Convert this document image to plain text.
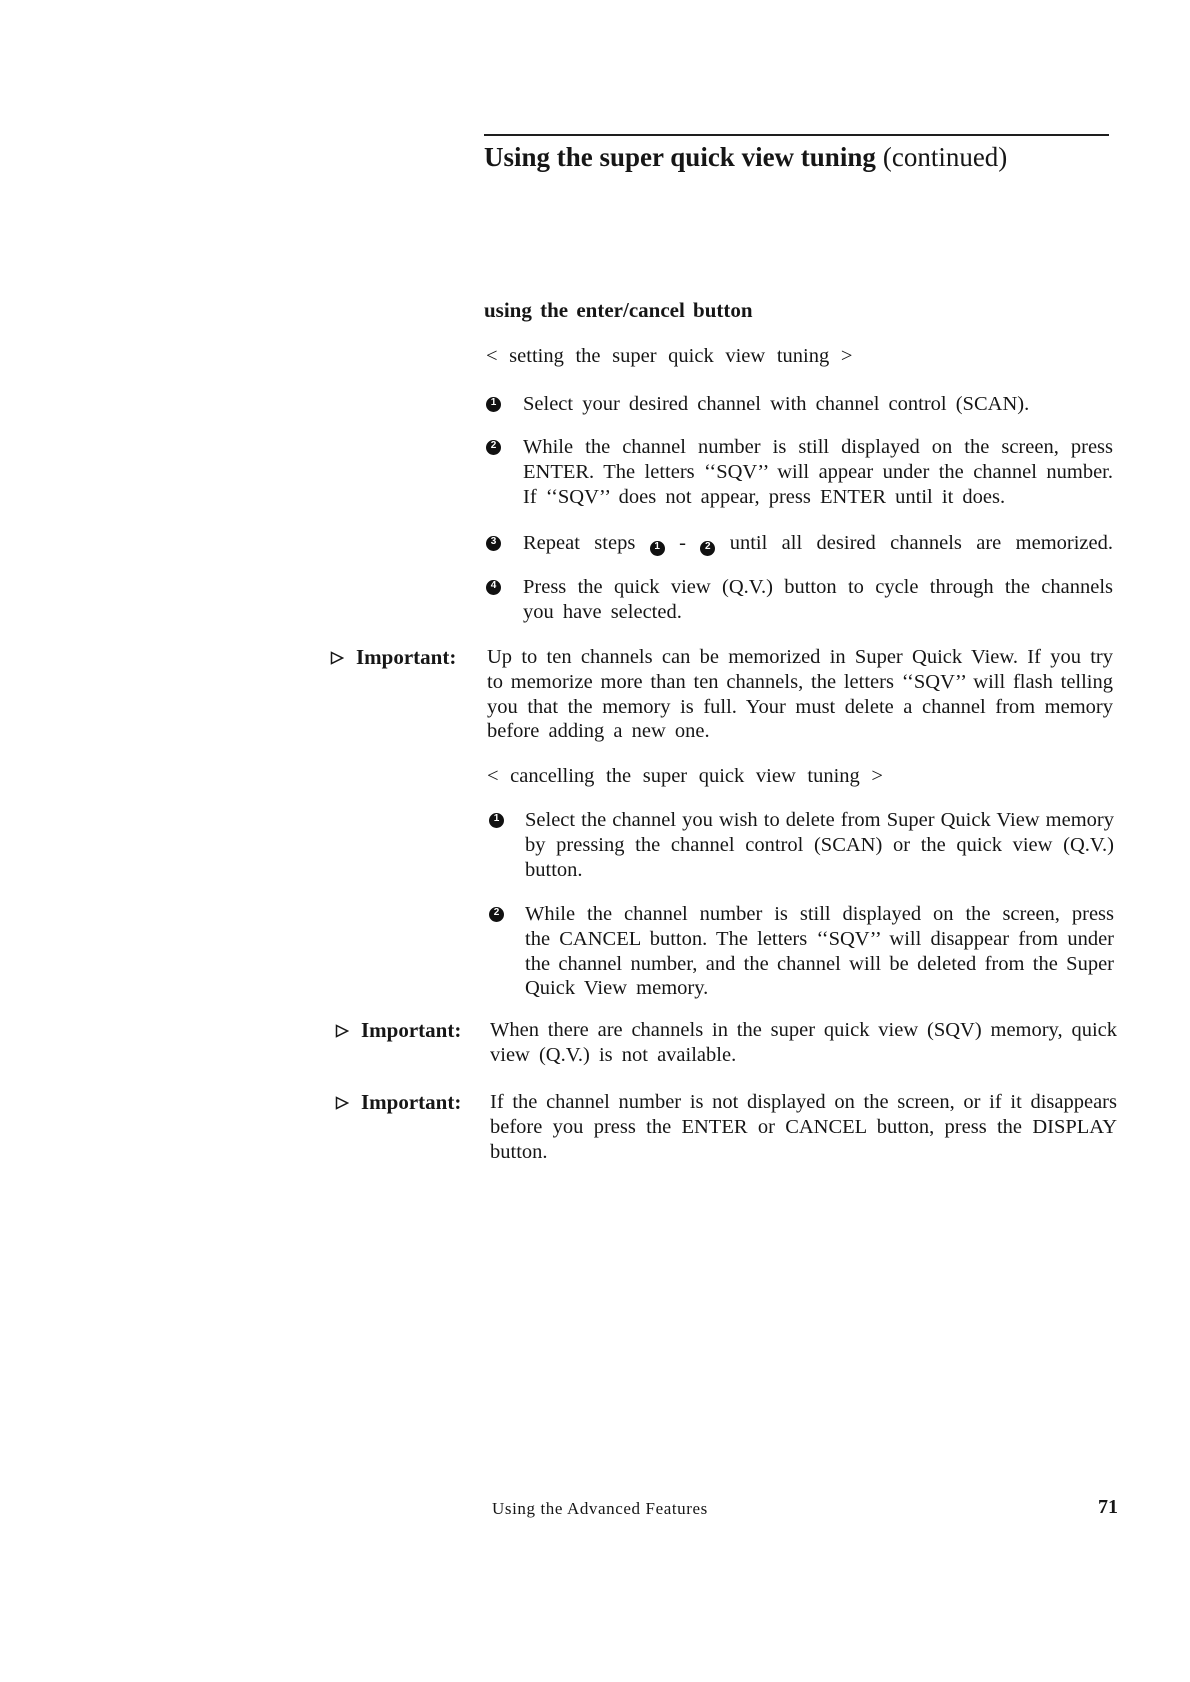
Using the super quick view tuning (continued)
using the enter/cancel button
< setting the super quick view tuning >
1 Select your desired channel with channel control (SCAN).
2 While the channel number is still displayed on the screen, press
ENTER. The letters ‘‘SQV’’ will appear under the channel number.
If ‘‘SQV’’ does not appear, press ENTER until it does.
3 Repeat steps 1 - 2 until all desired channels are memorized.
4 Press the quick view (Q.V.) button to cycle through the channels
you have selected.
Important: Up to ten channels can be memorized in Super Quick View. If you try
to memorize more than ten channels, the letters ‘‘SQV’’ will flash telling
you that the memory is full. Your must delete a channel from memory
before adding a new one.
< cancelling the super quick view tuning >
1 Select the channel you wish to delete from Super Quick View memory
by pressing the channel control (SCAN) or the quick view (Q.V.)
button.
2 While the channel number is still displayed on the screen, press
the CANCEL button. The letters ‘‘SQV’’ will disappear from under
the channel number, and the channel will be deleted from the Super
Quick View memory.
Important: When there are channels in the super quick view (SQV) memory, quick
view (Q.V.) is not available.
Important: If the channel number is not displayed on the screen, or if it disappears
before you press the ENTER or CANCEL button, press the DISPLAY
button.
Using the Advanced Features	71
